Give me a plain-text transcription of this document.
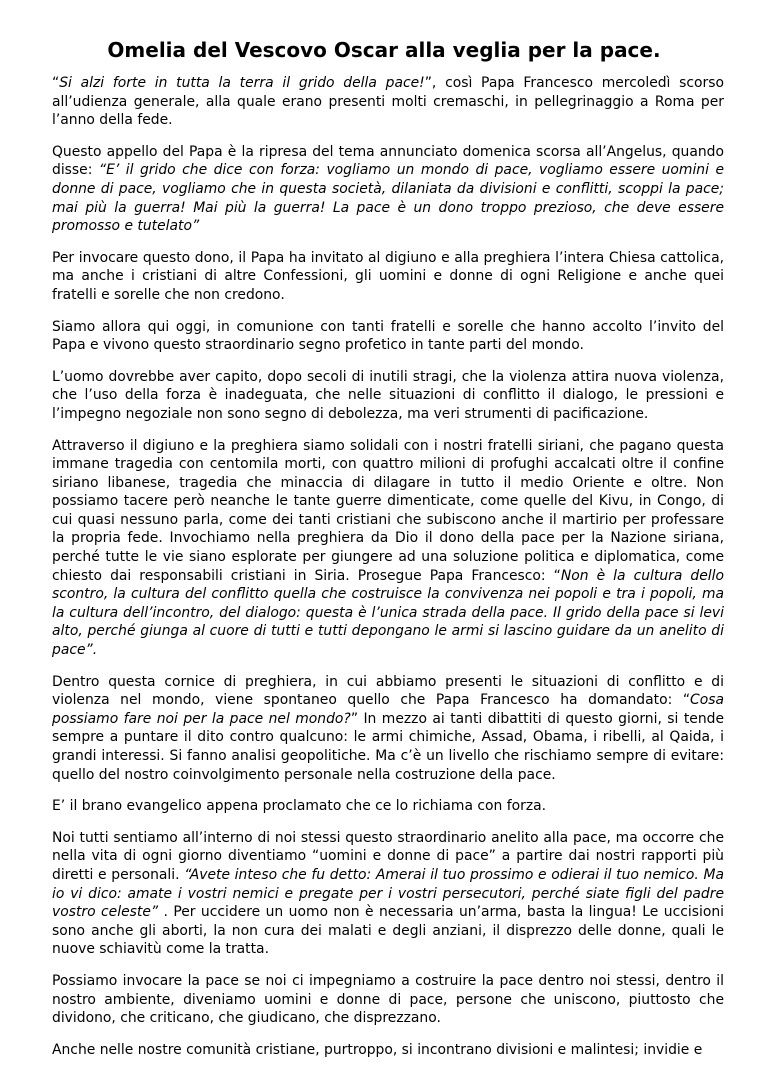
Omelia del Vescovo Oscar alla veglia per la pace.

“Si alzi forte in tutta la terra il grido della pace!”, così Papa Francesco mercoledì scorso all’udienza generale, alla quale erano presenti molti cremaschi, in pellegrinaggio a Roma per l’anno della fede.

Questo appello del Papa è la ripresa del tema annunciato domenica scorsa all’Angelus, quando disse: “E’ il grido che dice con forza: vogliamo un mondo di pace, vogliamo essere uomini e donne di pace, vogliamo che in questa società, dilaniata da divisioni e conflitti, scoppi la pace; mai più la guerra! Mai più la guerra! La pace è un dono troppo prezioso, che deve essere promosso e tutelato”

Per invocare questo dono, il Papa ha invitato al digiuno e alla preghiera l’intera Chiesa cattolica, ma anche i cristiani di altre Confessioni, gli uomini e donne di ogni Religione e anche quei fratelli e sorelle che non credono.

Siamo allora qui oggi, in comunione con tanti fratelli e sorelle che hanno accolto l’invito del Papa e vivono questo straordinario segno profetico in tante parti del mondo.

L’uomo dovrebbe aver capito, dopo secoli di inutili stragi, che la violenza attira nuova violenza, che l’uso della forza è inadeguata, che nelle situazioni di conflitto il dialogo, le pressioni e l’impegno negoziale non sono segno di debolezza, ma veri strumenti di pacificazione.

Attraverso il digiuno e la preghiera siamo solidali con i nostri fratelli siriani, che pagano questa immane tragedia con centomila morti, con quattro milioni di profughi accalcati oltre il confine siriano libanese, tragedia che minaccia di dilagare in tutto il medio Oriente e oltre. Non possiamo tacere però neanche le tante guerre dimenticate, come quelle del Kivu, in Congo, di cui quasi nessuno parla, come dei tanti cristiani che subiscono anche il martirio per professare la propria fede. Invochiamo nella preghiera da Dio il dono della pace per la Nazione siriana, perché tutte le vie siano esplorate per giungere ad una soluzione politica e diplomatica, come chiesto dai responsabili cristiani in Siria. Prosegue Papa Francesco: “Non è la cultura dello scontro, la cultura del conflitto quella che costruisce la convivenza nei popoli e tra i popoli, ma la cultura dell’incontro, del dialogo: questa è l’unica strada della pace. Il grido della pace si levi alto, perché giunga al cuore di tutti e tutti depongano le armi si lascino guidare da un anelito di pace”.

Dentro questa cornice di preghiera, in cui abbiamo presenti le situazioni di conflitto e di violenza nel mondo, viene spontaneo quello che Papa Francesco ha domandato: “Cosa possiamo fare noi per la pace nel mondo?” In mezzo ai tanti dibattiti di questo giorni, si tende sempre a puntare il dito contro qualcuno: le armi chimiche, Assad, Obama, i ribelli, al Qaida, i grandi interessi. Si fanno analisi geopolitiche. Ma c’è un livello che rischiamo sempre di evitare: quello del nostro coinvolgimento personale nella costruzione della pace.

E’ il brano evangelico appena proclamato che ce lo richiama con forza.

Noi tutti sentiamo all’interno di noi stessi questo straordinario anelito alla pace, ma occorre che nella vita di ogni giorno diventiamo “uomini e donne di pace” a partire dai nostri rapporti più diretti e personali. “Avete inteso che fu detto: Amerai il tuo prossimo e odierai il tuo nemico. Ma io vi dico: amate i vostri nemici e pregate per i vostri persecutori, perché siate figli del padre vostro celeste” . Per uccidere un uomo non è necessaria un’arma, basta la lingua! Le uccisioni sono anche gli aborti, la non cura dei malati e degli anziani, il disprezzo delle donne, quali le nuove schiavitù come la tratta.

Possiamo invocare la pace se noi ci impegniamo a costruire la pace dentro noi stessi, dentro il nostro ambiente, diveniamo uomini e donne di pace, persone che uniscono, piuttosto che dividono, che criticano, che giudicano, che disprezzano.

Anche nelle nostre comunità cristiane, purtroppo, si incontrano divisioni e malintesi; invidie e
